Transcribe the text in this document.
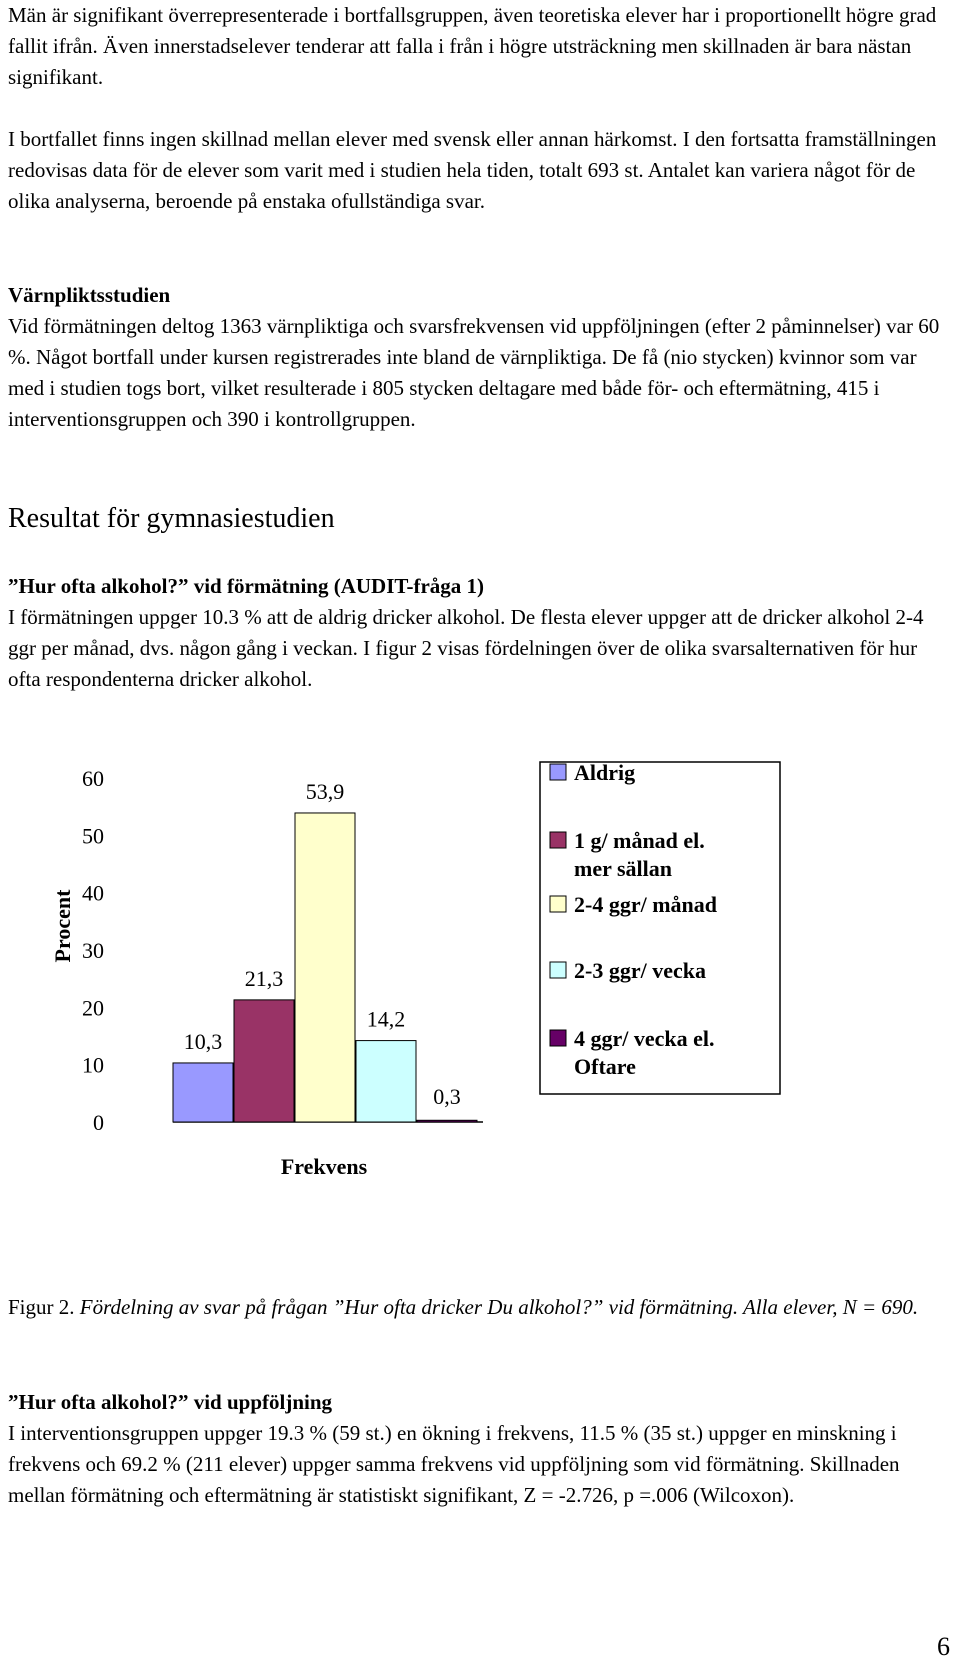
Män är signifikant överrepresenterade i bortfallsgruppen, även teoretiska elever har i proportionellt högre grad fallit ifrån. Även innerstadselever tenderar att falla i från i högre utsträckning men skillnaden är bara nästan signifikant.

I bortfallet finns ingen skillnad mellan elever med svensk eller annan härkomst. I den fortsatta framställningen redovisas data för de elever som varit med i studien hela tiden, totalt 693 st. Antalet kan variera något för de olika analyserna, beroende på enstaka ofullständiga svar.

Värnpliktsstudien

Vid förmätningen deltog 1363 värnpliktiga och svarsfrekvensen vid uppföljningen (efter 2 påminnelser) var 60 %. Något bortfall under kursen registrerades inte bland de värnpliktiga. De få (nio stycken) kvinnor som var med i studien togs bort, vilket resulterade i 805 stycken deltagare med både för- och eftermätning, 415 i interventionsgruppen och 390 i kontrollgruppen.

Resultat för gymnasiestudien
”Hur ofta alkohol?” vid förmätning (AUDIT-fråga 1)

I förmätningen uppger 10.3 % att de aldrig dricker alkohol. De flesta elever uppger att de dricker alkohol 2-4 ggr per månad, dvs. någon gång i veckan. I figur 2 visas fördelningen över de olika svarsalternativen för hur ofta respondenterna dricker alkohol.

0
10
20
30
40
50
60
Procent
Frekvens
10,3
21,3
53,9
14,2
0,3
Aldrig
1 g/ månad el. mer sällan
2-4 ggr/ månad
2-3 ggr/ vecka
4 ggr/ vecka el. Oftare

Figur 2. Fördelning av svar på frågan ”Hur ofta dricker Du alkohol?” vid förmätning. Alla elever, N = 690.

”Hur ofta alkohol?” vid uppföljning

I interventionsgruppen uppger 19.3 % (59 st.) en ökning i frekvens, 11.5 % (35 st.) uppger en minskning i frekvens och 69.2 % (211 elever) uppger samma frekvens vid uppföljning som vid förmätning. Skillnaden mellan förmätning och eftermätning är statistiskt signifikant, Z = -2.726, p =.006 (Wilcoxon).

6
